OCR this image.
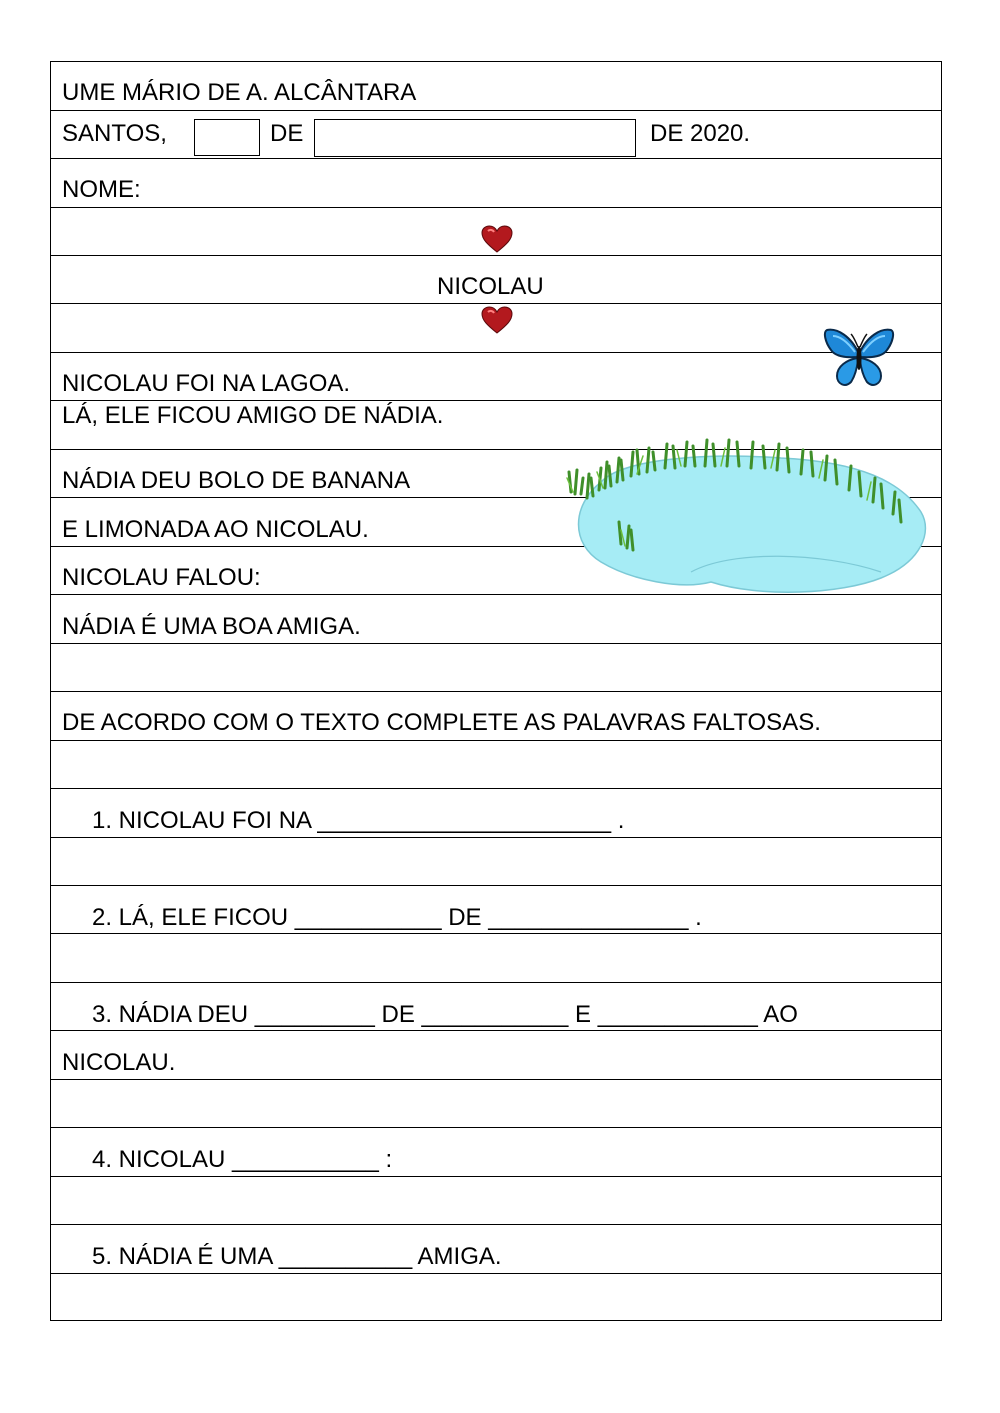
UME MÁRIO DE A. ALCÂNTARA
SANTOS,	DE	DE 2020.
NOME:
NICOLAU
NICOLAU FOI NA LAGOA.
LÁ, ELE FICOU AMIGO DE NÁDIA.
NÁDIA DEU BOLO DE BANANA
E LIMONADA AO NICOLAU.
NICOLAU FALOU:
NÁDIA É UMA BOA AMIGA.
DE ACORDO COM O TEXTO COMPLETE AS PALAVRAS FALTOSAS.
1. NICOLAU FOI NA ______________________ .
2. LÁ, ELE FICOU ___________ DE _______________ .
3. NÁDIA DEU _________ DE ___________ E ____________ AO
NICOLAU.
4. NICOLAU ___________ :
5. NÁDIA É UMA __________ AMIGA.
